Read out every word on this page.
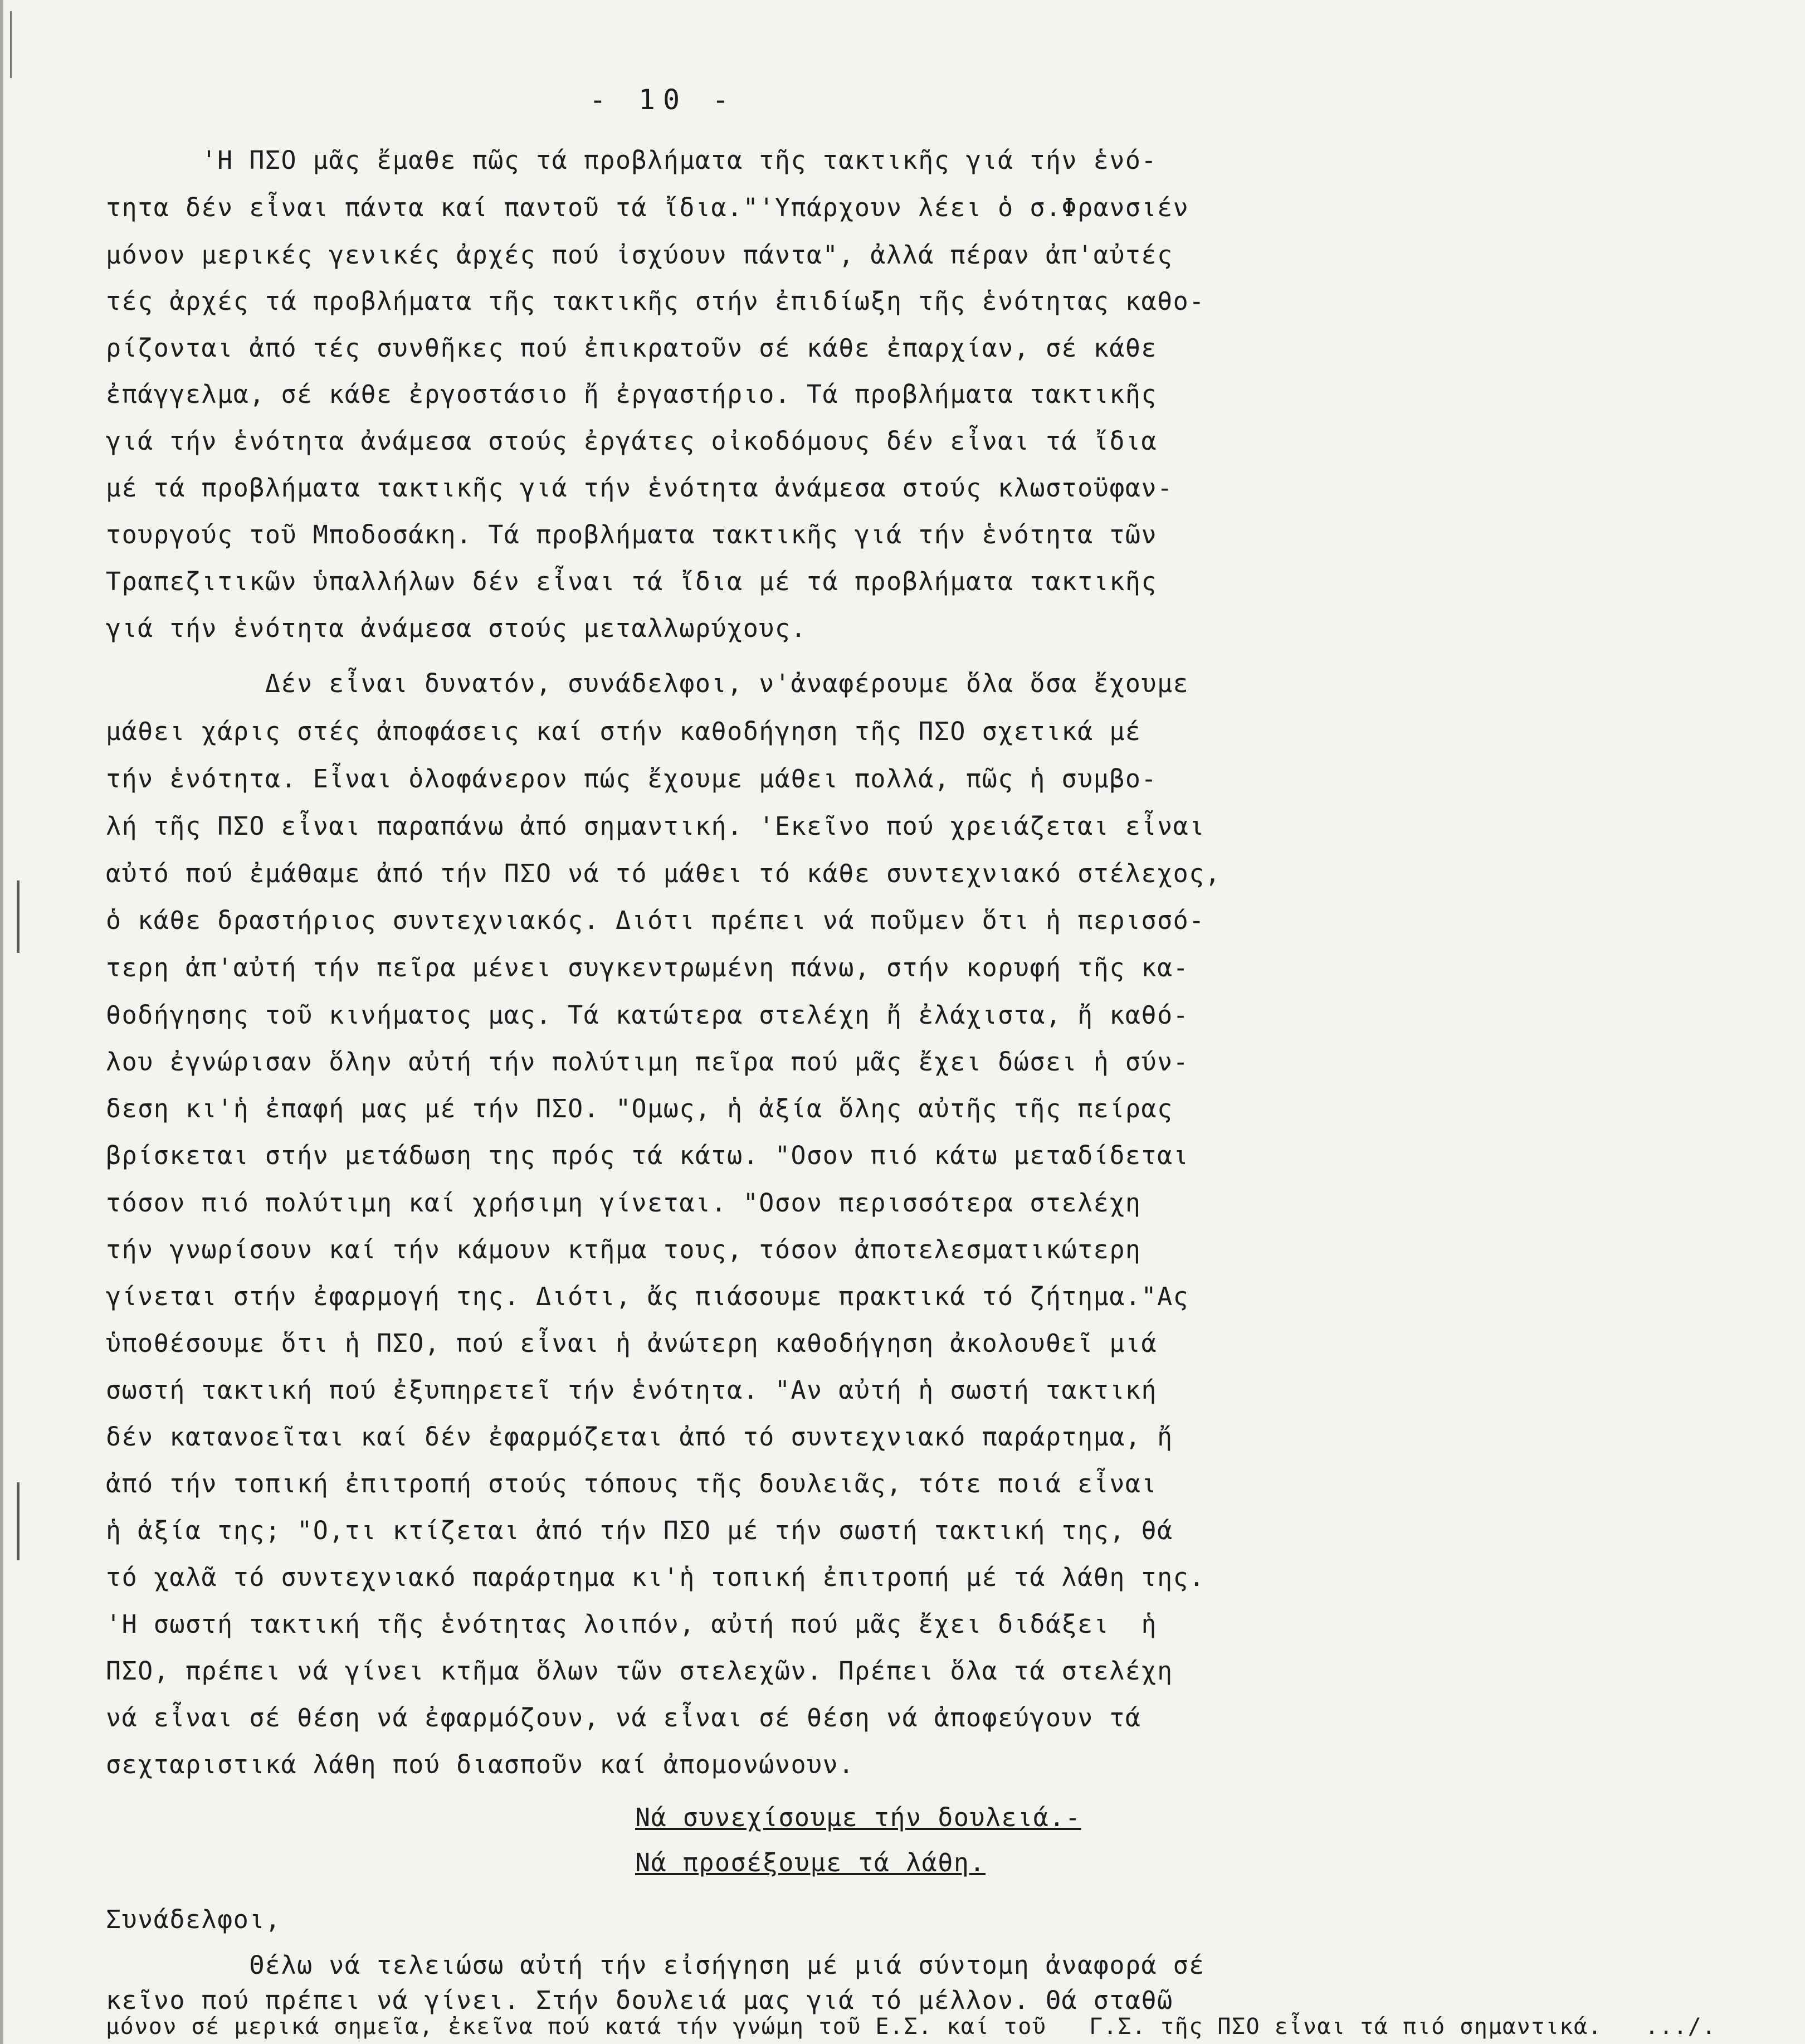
- 10 -
'Η ΠΣΟ μᾶς ἔμαθε πῶς τά προβλήματα τῆς τακτικῆς γιά τήν ἑνό-
τητα δέν εἶναι πάντα καί παντοῦ τά ἴδια."'Υπάρχουν λέει ὁ σ.Φρανσιέν
μόνον μερικές γενικές ἀρχές πού ἰσχύουν πάντα", ἀλλά πέραν ἀπ'αὐτές
τές ἀρχές τά προβλήματα τῆς τακτικῆς στήν ἐπιδίωξη τῆς ἑνότητας καθο-
ρίζονται ἀπό τές συνθῆκες πού ἐπικρατοῦν σέ κάθε ἐπαρχίαν, σέ κάθε
ἐπάγγελμα, σέ κάθε ἐργοστάσιο ἤ ἐργαστήριο. Τά προβλήματα τακτικῆς
γιά τήν ἑνότητα ἀνάμεσα στούς ἐργάτες οἰκοδόμους δέν εἶναι τά ἴδια
μέ τά προβλήματα τακτικῆς γιά τήν ἑνότητα ἀνάμεσα στούς κλωστοϋφαν-
τουργούς τοῦ Μποδοσάκη. Τά προβλήματα τακτικῆς γιά τήν ἑνότητα τῶν
Τραπεζιτικῶν ὑπαλλήλων δέν εἶναι τά ἴδια μέ τά προβλήματα τακτικῆς
γιά τήν ἑνότητα ἀνάμεσα στούς μεταλλωρύχους.
Δέν εἶναι δυνατόν, συνάδελφοι, ν'ἀναφέρουμε ὅλα ὅσα ἔχουμε
μάθει χάρις στές ἀποφάσεις καί στήν καθοδήγηση τῆς ΠΣΟ σχετικά μέ
τήν ἑνότητα. Εἶναι ὁλοφάνερον πώς ἔχουμε μάθει πολλά, πῶς ἡ συμβο-
λή τῆς ΠΣΟ εἶναι παραπάνω ἀπό σημαντική. 'Εκεῖνο πού χρειάζεται εἶναι
αὐτό πού ἐμάθαμε ἀπό τήν ΠΣΟ νά τό μάθει τό κάθε συντεχνιακό στέλεχος,
ὁ κάθε δραστήριος συντεχνιακός. Διότι πρέπει νά ποῦμεν ὅτι ἡ περισσό-
τερη ἀπ'αὐτή τήν πεῖρα μένει συγκεντρωμένη πάνω, στήν κορυφή τῆς κα-
θοδήγησης τοῦ κινήματος μας. Τά κατώτερα στελέχη ἤ ἐλάχιστα, ἤ καθό-
λου ἐγνώρισαν ὅλην αὐτή τήν πολύτιμη πεῖρα πού μᾶς ἔχει δώσει ἡ σύν-
δεση κι'ἡ ἐπαφή μας μέ τήν ΠΣΟ. "Ομως, ἡ ἀξία ὅλης αὐτῆς τῆς πείρας
βρίσκεται στήν μετάδωση της πρός τά κάτω. "Οσον πιό κάτω μεταδίδεται
τόσον πιό πολύτιμη καί χρήσιμη γίνεται. "Οσον περισσότερα στελέχη
τήν γνωρίσουν καί τήν κάμουν κτῆμα τους, τόσον ἀποτελεσματικώτερη
γίνεται στήν ἐφαρμογή της. Διότι, ἄς πιάσουμε πρακτικά τό ζήτημα."Ας
ὑποθέσουμε ὅτι ἡ ΠΣΟ, πού εἶναι ἡ ἀνώτερη καθοδήγηση ἀκολουθεῖ μιά
σωστή τακτική πού ἐξυπηρετεῖ τήν ἑνότητα. "Αν αὐτή ἡ σωστή τακτική
δέν κατανοεῖται καί δέν ἐφαρμόζεται ἀπό τό συντεχνιακό παράρτημα, ἤ
ἀπό τήν τοπική ἐπιτροπή στούς τόπους τῆς δουλειᾶς, τότε ποιά εἶναι
ἡ ἀξία της; "Ο,τι κτίζεται ἀπό τήν ΠΣΟ μέ τήν σωστή τακτική της, θά
τό χαλᾶ τό συντεχνιακό παράρτημα κι'ἡ τοπική ἐπιτροπή μέ τά λάθη της.
'Η σωστή τακτική τῆς ἑνότητας λοιπόν, αὐτή πού μᾶς ἔχει διδάξει  ἡ
ΠΣΟ, πρέπει νά γίνει κτῆμα ὅλων τῶν στελεχῶν. Πρέπει ὅλα τά στελέχη
νά εἶναι σέ θέση νά ἐφαρμόζουν, νά εἶναι σέ θέση νά ἀποφεύγουν τά
σεχταριστικά λάθη πού διασποῦν καί ἀπομονώνουν.
Νά συνεχίσουμε τήν δουλειά.-
Νά προσέξουμε τά λάθη.
Συνάδελφοι,
Θέλω νά τελειώσω αὐτή τήν εἰσήγηση μέ μιά σύντομη ἀναφορά σέ
κεῖνο πού πρέπει νά γίνει. Στήν δουλειά μας γιά τό μέλλον. Θά σταθῶ
μόνον σέ μερικά σημεῖα, ἐκεῖνα πού κατά τήν γνώμη τοῦ Ε.Σ. καί τοῦ   Γ.Σ. τῆς ΠΣΟ εἶναι τά πιό σημαντικά.   .../.
